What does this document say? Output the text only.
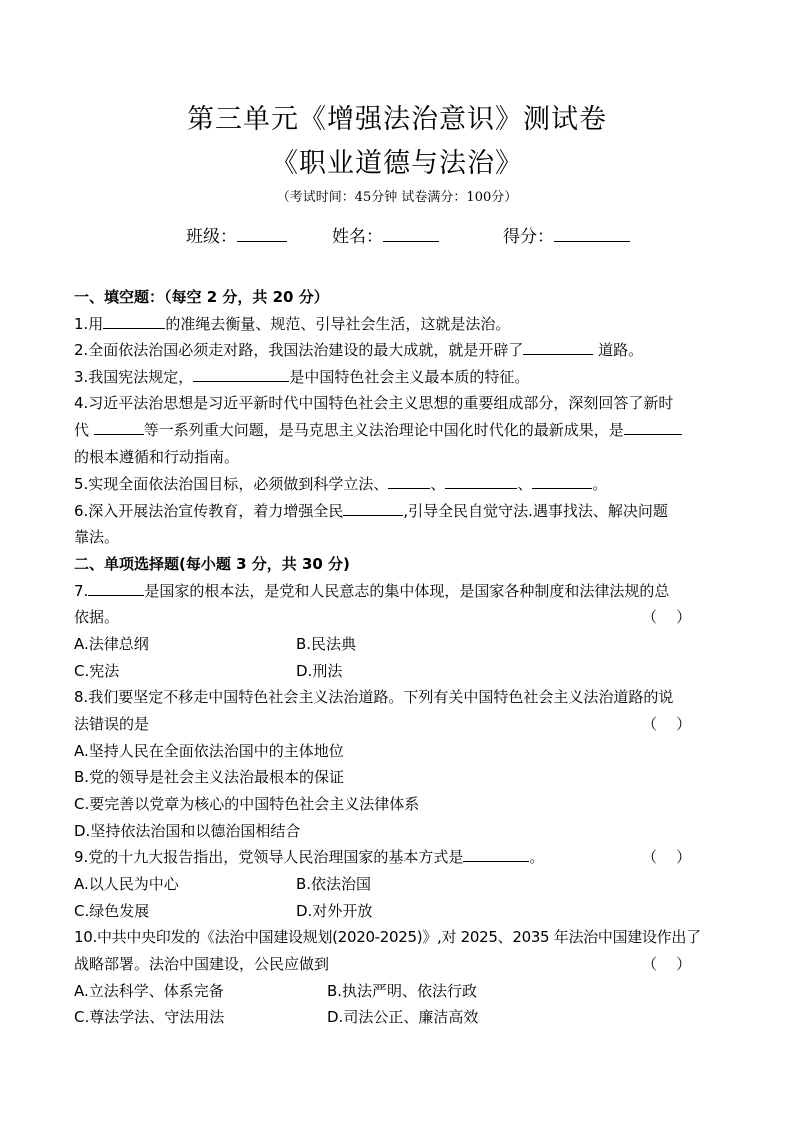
第三单元《增强法治意识》测试卷
《职业道德与法治》
（考试时间：45分钟 试卷满分：100分）
班级：	姓名：	得分：
一、填空题：（每空 2 分，共 20 分）
1.用	的准绳去衡量、规范、引导社会生活，这就是法治。
2.全面依法治国必须走对路，我国法治建设的最大成就，就是开辟了	道路。
3.我国宪法规定，	是中国特色社会主义最本质的特征。
4.习近平法治思想是习近平新时代中国特色社会主义思想的重要组成部分，深刻回答了新时
代	等一系列重大问题，是马克思主义法治理论中国化时代化的最新成果，是
的根本遵循和行动指南。
5.实现全面依法治国目标，必须做到科学立法、	、	、	。
6.深入开展法治宣传教育，着力增强全民	,引导全民自觉守法.遇事找法、解决问题
靠法。
二、单项选择题(每小题 3 分，共 30 分)
7.	是国家的根本法，是党和人民意志的集中体现，是国家各种制度和法律法规的总
依据。	（    ）
A.法律总纲	B.民法典
C.宪法	D.刑法
8.我们要坚定不移走中国特色社会主义法治道路。下列有关中国特色社会主义法治道路的说
法错误的是	（    ）
A.坚持人民在全面依法治国中的主体地位
B.党的领导是社会主义法治最根本的保证
C.要完善以党章为核心的中国特色社会主义法律体系
D.坚持依法治国和以德治国相结合
9.党的十九大报告指出，党领导人民治理国家的基本方式是	。	（    ）
A.以人民为中心	B.依法治国
C.绿色发展	D.对外开放
10.中共中央印发的《法治中国建设规划(2020-2025)》,对 2025、2035 年法治中国建设作出了
战略部署。法治中国建设，公民应做到	（    ）
A.立法科学、体系完备	B.执法严明、依法行政
C.尊法学法、守法用法	D.司法公正、廉洁高效
